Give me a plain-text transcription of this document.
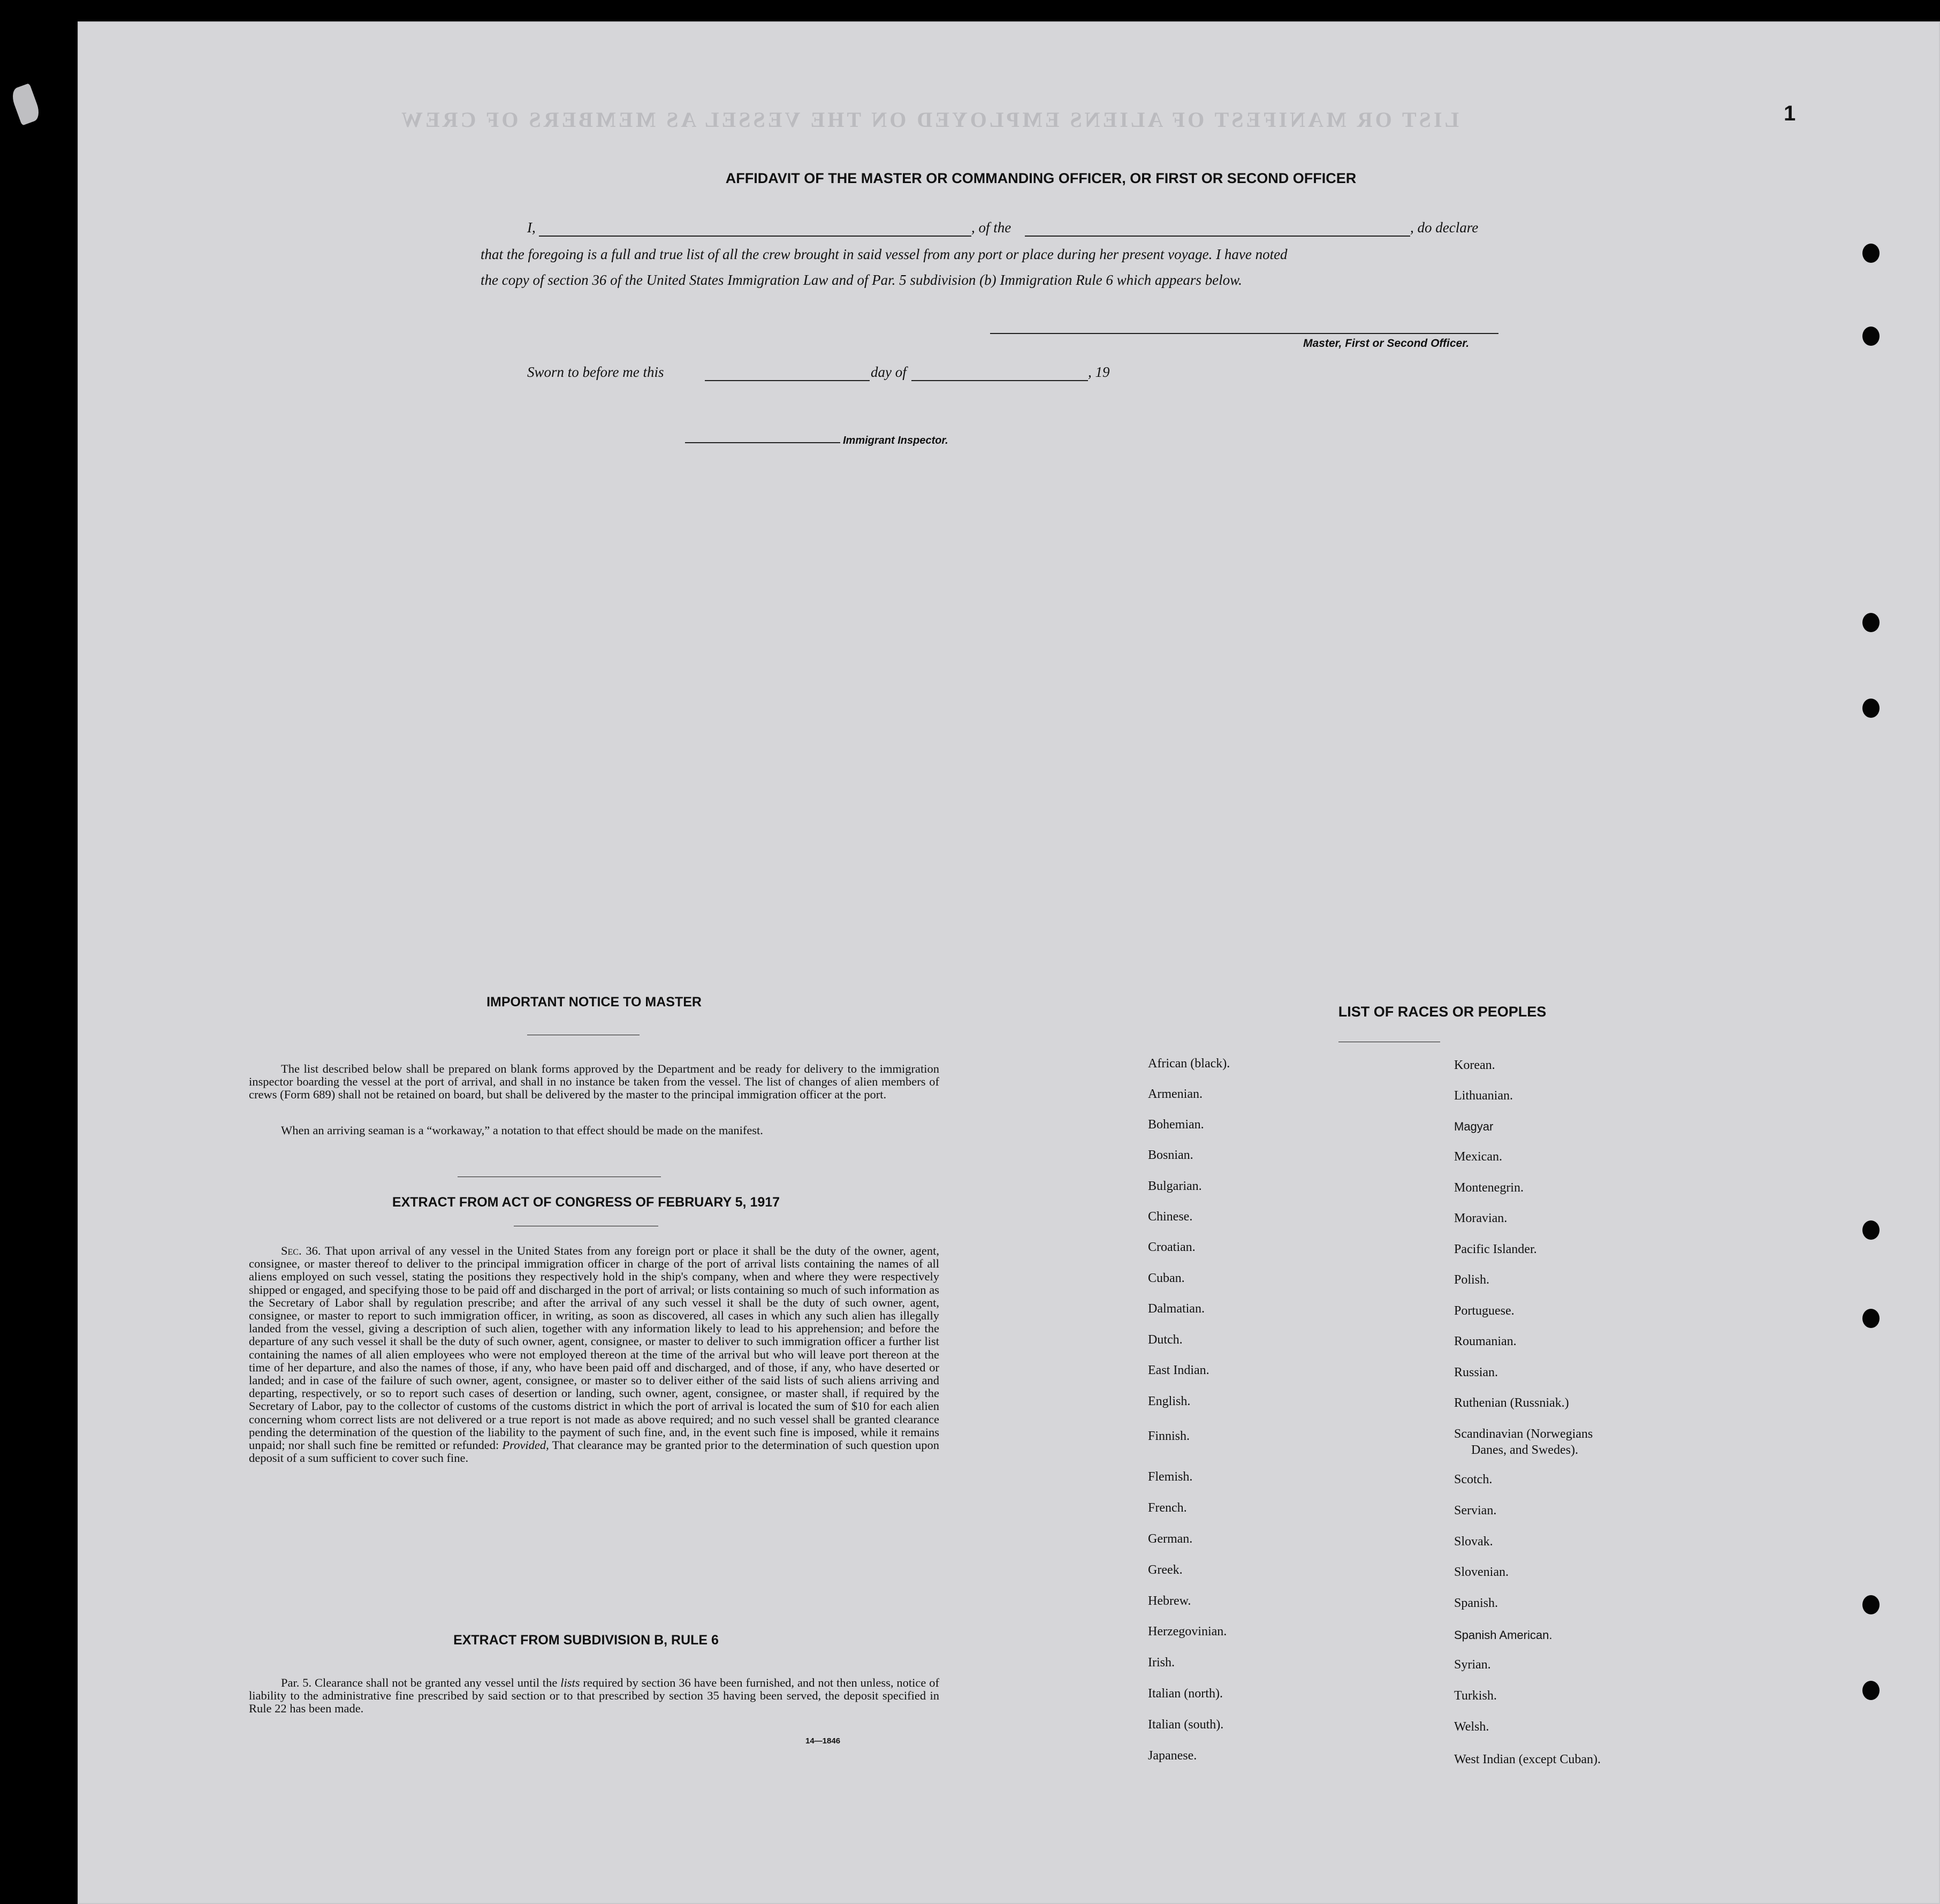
LIST OR MANIFEST OF ALIENS EMPLOYED ON THE VESSEL AS MEMBERS OF CREW	1
AFFIDAVIT OF THE MASTER OR COMMANDING OFFICER, OR FIRST OR SECOND OFFICER
I,	, of the	, do declare
that the foregoing is a full and true list of all the crew brought in said vessel from any port or place during her present voyage. I have noted
the copy of section 36 of the United States Immigration Law and of Par. 5 subdivision (b) Immigration Rule 6 which appears below.
Master, First or Second Officer.
Sworn to before me this	day of	, 19
Immigrant Inspector.
IMPORTANT NOTICE TO MASTER
The list described below shall be prepared on blank forms approved by the Department and be ready for delivery to the immigration inspector boarding the vessel at the port of arrival, and shall in no instance be taken from the vessel. The list of changes of alien members of crews (Form 689) shall not be retained on board, but shall be delivered by the master to the principal immigration officer at the port.
When an arriving seaman is a “workaway,” a notation to that effect should be made on the manifest.
EXTRACT FROM ACT OF CONGRESS OF FEBRUARY 5, 1917
Sec. 36. That upon arrival of any vessel in the United States from any foreign port or place it shall be the duty of the owner, agent, consignee, or master thereof to deliver to the principal immigration officer in charge of the port of arrival lists containing the names of all aliens employed on such vessel, stating the positions they respectively hold in the ship's company, when and where they were respectively shipped or engaged, and specifying those to be paid off and discharged in the port of arrival; or lists containing so much of such information as the Secretary of Labor shall by regulation prescribe; and after the arrival of any such vessel it shall be the duty of such owner, agent, consignee, or master to report to such immigration officer, in writing, as soon as discovered, all cases in which any such alien has illegally landed from the vessel, giving a description of such alien, together with any information likely to lead to his apprehension; and before the departure of any such vessel it shall be the duty of such owner, agent, consignee, or master to deliver to such immigration officer a further list containing the names of all alien employees who were not employed thereon at the time of the arrival but who will leave port thereon at the time of her departure, and also the names of those, if any, who have been paid off and discharged, and of those, if any, who have deserted or landed; and in case of the failure of such owner, agent, consignee, or master so to deliver either of the said lists of such aliens arriving and departing, respectively, or so to report such cases of desertion or landing, such owner, agent, consignee, or master shall, if required by the Secretary of Labor, pay to the collector of customs of the customs district in which the port of arrival is located the sum of $10 for each alien concerning whom correct lists are not delivered or a true report is not made as above required; and no such vessel shall be granted clearance pending the determination of the question of the liability to the payment of such fine, and, in the event such fine is imposed, while it remains unpaid; nor shall such fine be remitted or refunded: Provided, That clearance may be granted prior to the determination of such question upon deposit of a sum sufficient to cover such fine.
EXTRACT FROM SUBDIVISION B, RULE 6
Par. 5. Clearance shall not be granted any vessel until the lists required by section 36 have been furnished, and not then unless, notice of liability to the administrative fine prescribed by said section or to that prescribed by section 35 having been served, the deposit specified in Rule 22 has been made.
14—1846
LIST OF RACES OR PEOPLES
African (black).
Armenian.
Bohemian.
Bosnian.
Bulgarian.
Chinese.
Croatian.
Cuban.
Dalmatian.
Dutch.
East Indian.
English.
Finnish.
Flemish.
French.
German.
Greek.
Hebrew.
Herzegovinian.
Irish.
Italian (north).
Italian (south).
Japanese.
Korean.
Lithuanian.
Magyar
Mexican.
Montenegrin.
Moravian.
Pacific Islander.
Polish.
Portuguese.
Roumanian.
Russian.
Ruthenian (Russniak.)
Scandinavian (Norwegians
Danes, and Swedes).
Scotch.
Servian.
Slovak.
Slovenian.
Spanish.
Spanish American.
Syrian.
Turkish.
Welsh.
West Indian (except Cuban).
